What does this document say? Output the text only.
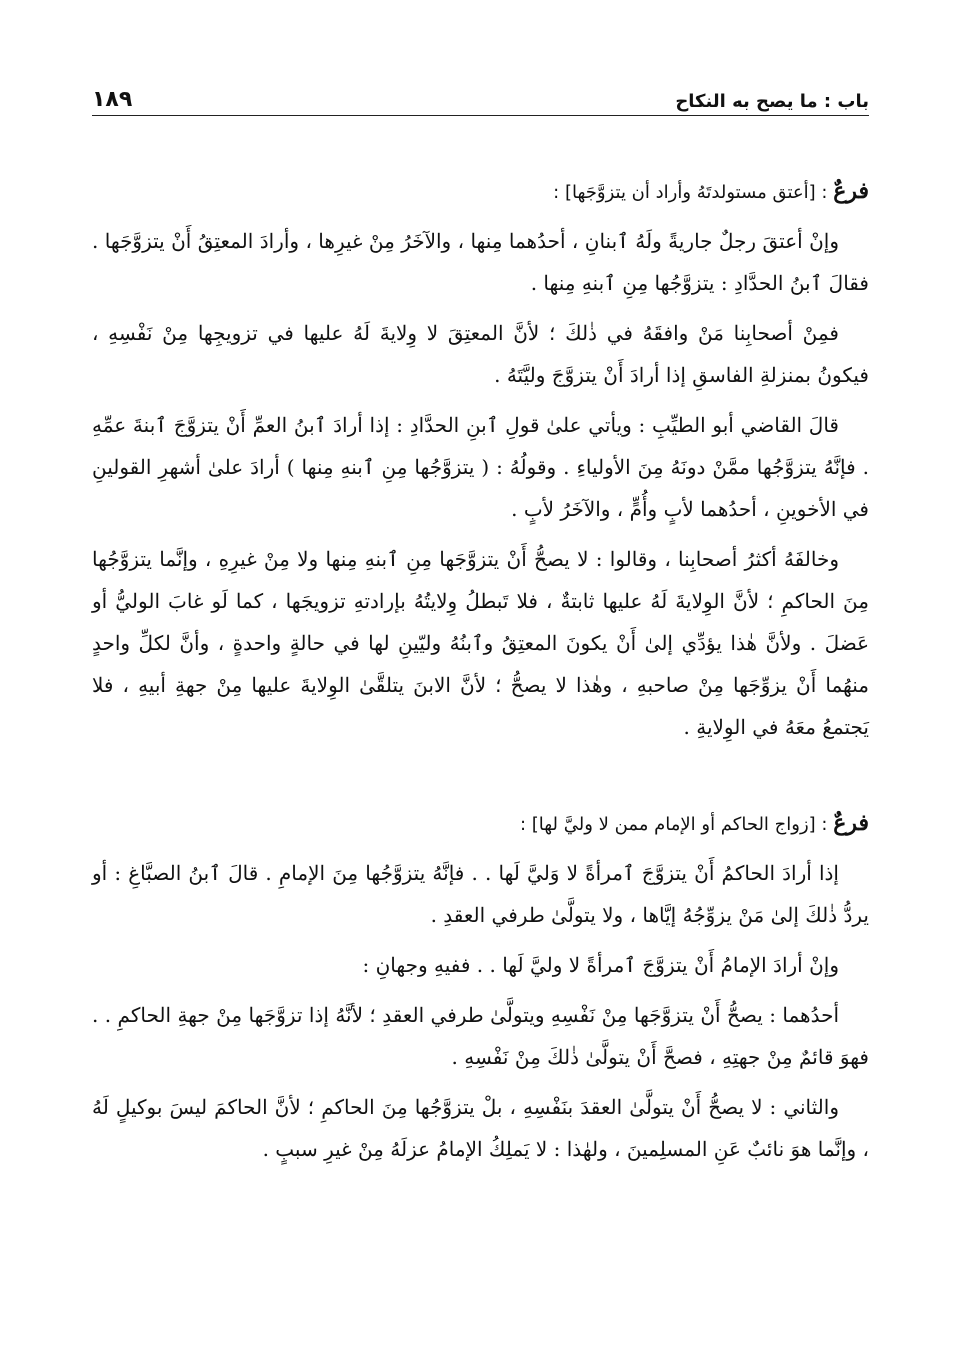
باب : ما يصح به النكاح
١٨٩
فرعٌ : [أعتق مستولدتَهُ وأراد أن يتزوَّجَها] :

وإنْ أعتقَ رجلٌ جاريةً ولَهُ ٱبنانِ ، أحدُهما مِنها ، والآخَرُ مِنْ غيرِها ، وأرادَ المعتِقُ أَنْ يتزوَّجَها . فقالَ ٱبنُ الحدَّادِ : يتزوَّجُها مِنِ ٱبنهِ مِنها .

فمِنْ أصحابِنا مَنْ وافقَهُ في ذٰلكَ ؛ لأنَّ المعتِقَ لا وِلايةَ لَهُ عليها في تزويجِها مِنْ نَفْسِهِ ، فيكونُ بمنزلةِ الفاسقِ إذا أرادَ أَنْ يتزوَّجَ وليَّتَهُ .

قالَ القاضي أبو الطيِّبِ : ويأتي علىٰ قولِ ٱبنِ الحدَّادِ : إذا أرادَ ٱبنُ العمِّ أَنْ يتزوَّجَ ٱبنةَ عمِّهِ . فإنَّهُ يتزوَّجُها ممَّنْ دونَهُ مِنَ الأولياءِ . وقولُهُ : ( يتزوَّجُها مِنِ ٱبنهِ مِنها ) أرادَ علىٰ أشهرِ القولينِ في الأخوينِ ، أحدُهما لأبٍ وأُمٍّ ، والآخَرُ لأبٍ .

وخالفَهُ أكثرُ أصحابِنا ، وقالوا : لا يصحُّ أَنْ يتزوَّجَها مِنِ ٱبنهِ مِنها ولا مِنْ غيرِهِ ، وإنَّما يتزوَّجُها مِنَ الحاكمِ ؛ لأنَّ الوِلايةَ لَهُ عليها ثابتةٌ ، فلا تَبطلُ وِلايتُهُ بإرادتهِ تزويجَها ، كما لَو غابَ الوليُّ أو عَضلَ . ولأنَّ هٰذا يؤدِّي إلىٰ أَنْ يكونَ المعتِقُ وٱبنُهُ وليّينِ لها في حالةٍ واحدةٍ ، وأنَّ لكلِّ واحدٍ منهُما أَنْ يزوِّجَها مِنْ صاحبهِ ، وهٰذا لا يصحُّ ؛ لأنَّ الابنَ يتلقَّىٰ الوِلايةَ عليها مِنْ جهةِ أبيهِ ، فلا يَجتمعُ معَهُ في الوِلايةِ .

فرعٌ : [زواج الحاكم أو الإمام ممن لا وليَّ لها] :

إذا أرادَ الحاكمُ أَنْ يتزوَّجَ ٱمرأةً لا وَليَّ لَها . . فإنَّهُ يتزوَّجُها مِنَ الإمامِ . قالَ ٱبنُ الصبَّاغِ : أو يردُّ ذٰلكَ إلىٰ مَنْ يزوِّجُهُ إيَّاها ، ولا يتولَّىٰ طرفي العقدِ .

وإنْ أرادَ الإمامُ أَنْ يتزوَّجَ ٱمرأةً لا وليَّ لَها . . ففيهِ وجهانِ :

أحدُهما : يصحُّ أَنْ يتزوَّجَها مِنْ نَفْسِهِ ويتولَّىٰ طرفي العقدِ ؛ لأنَّهُ إذا تزوَّجَها مِنْ جهةِ الحاكمِ . . فهوَ قائمٌ مِنْ جهتِهِ ، فصحَّ أَنْ يتولَّىٰ ذٰلكَ مِنْ نَفْسِهِ .

والثاني : لا يصحُّ أَنْ يتولَّىٰ العقدَ بنَفْسِهِ ، بلْ يتزوَّجُها مِنَ الحاكمِ ؛ لأنَّ الحاكمَ ليسَ بوكيلٍ لَهُ ، وإنَّما هوَ نائبٌ عَنِ المسلِمينَ ، ولهٰذا : لا يَملِكُ الإمامُ عزلَهُ مِنْ غيرِ سببٍ .
